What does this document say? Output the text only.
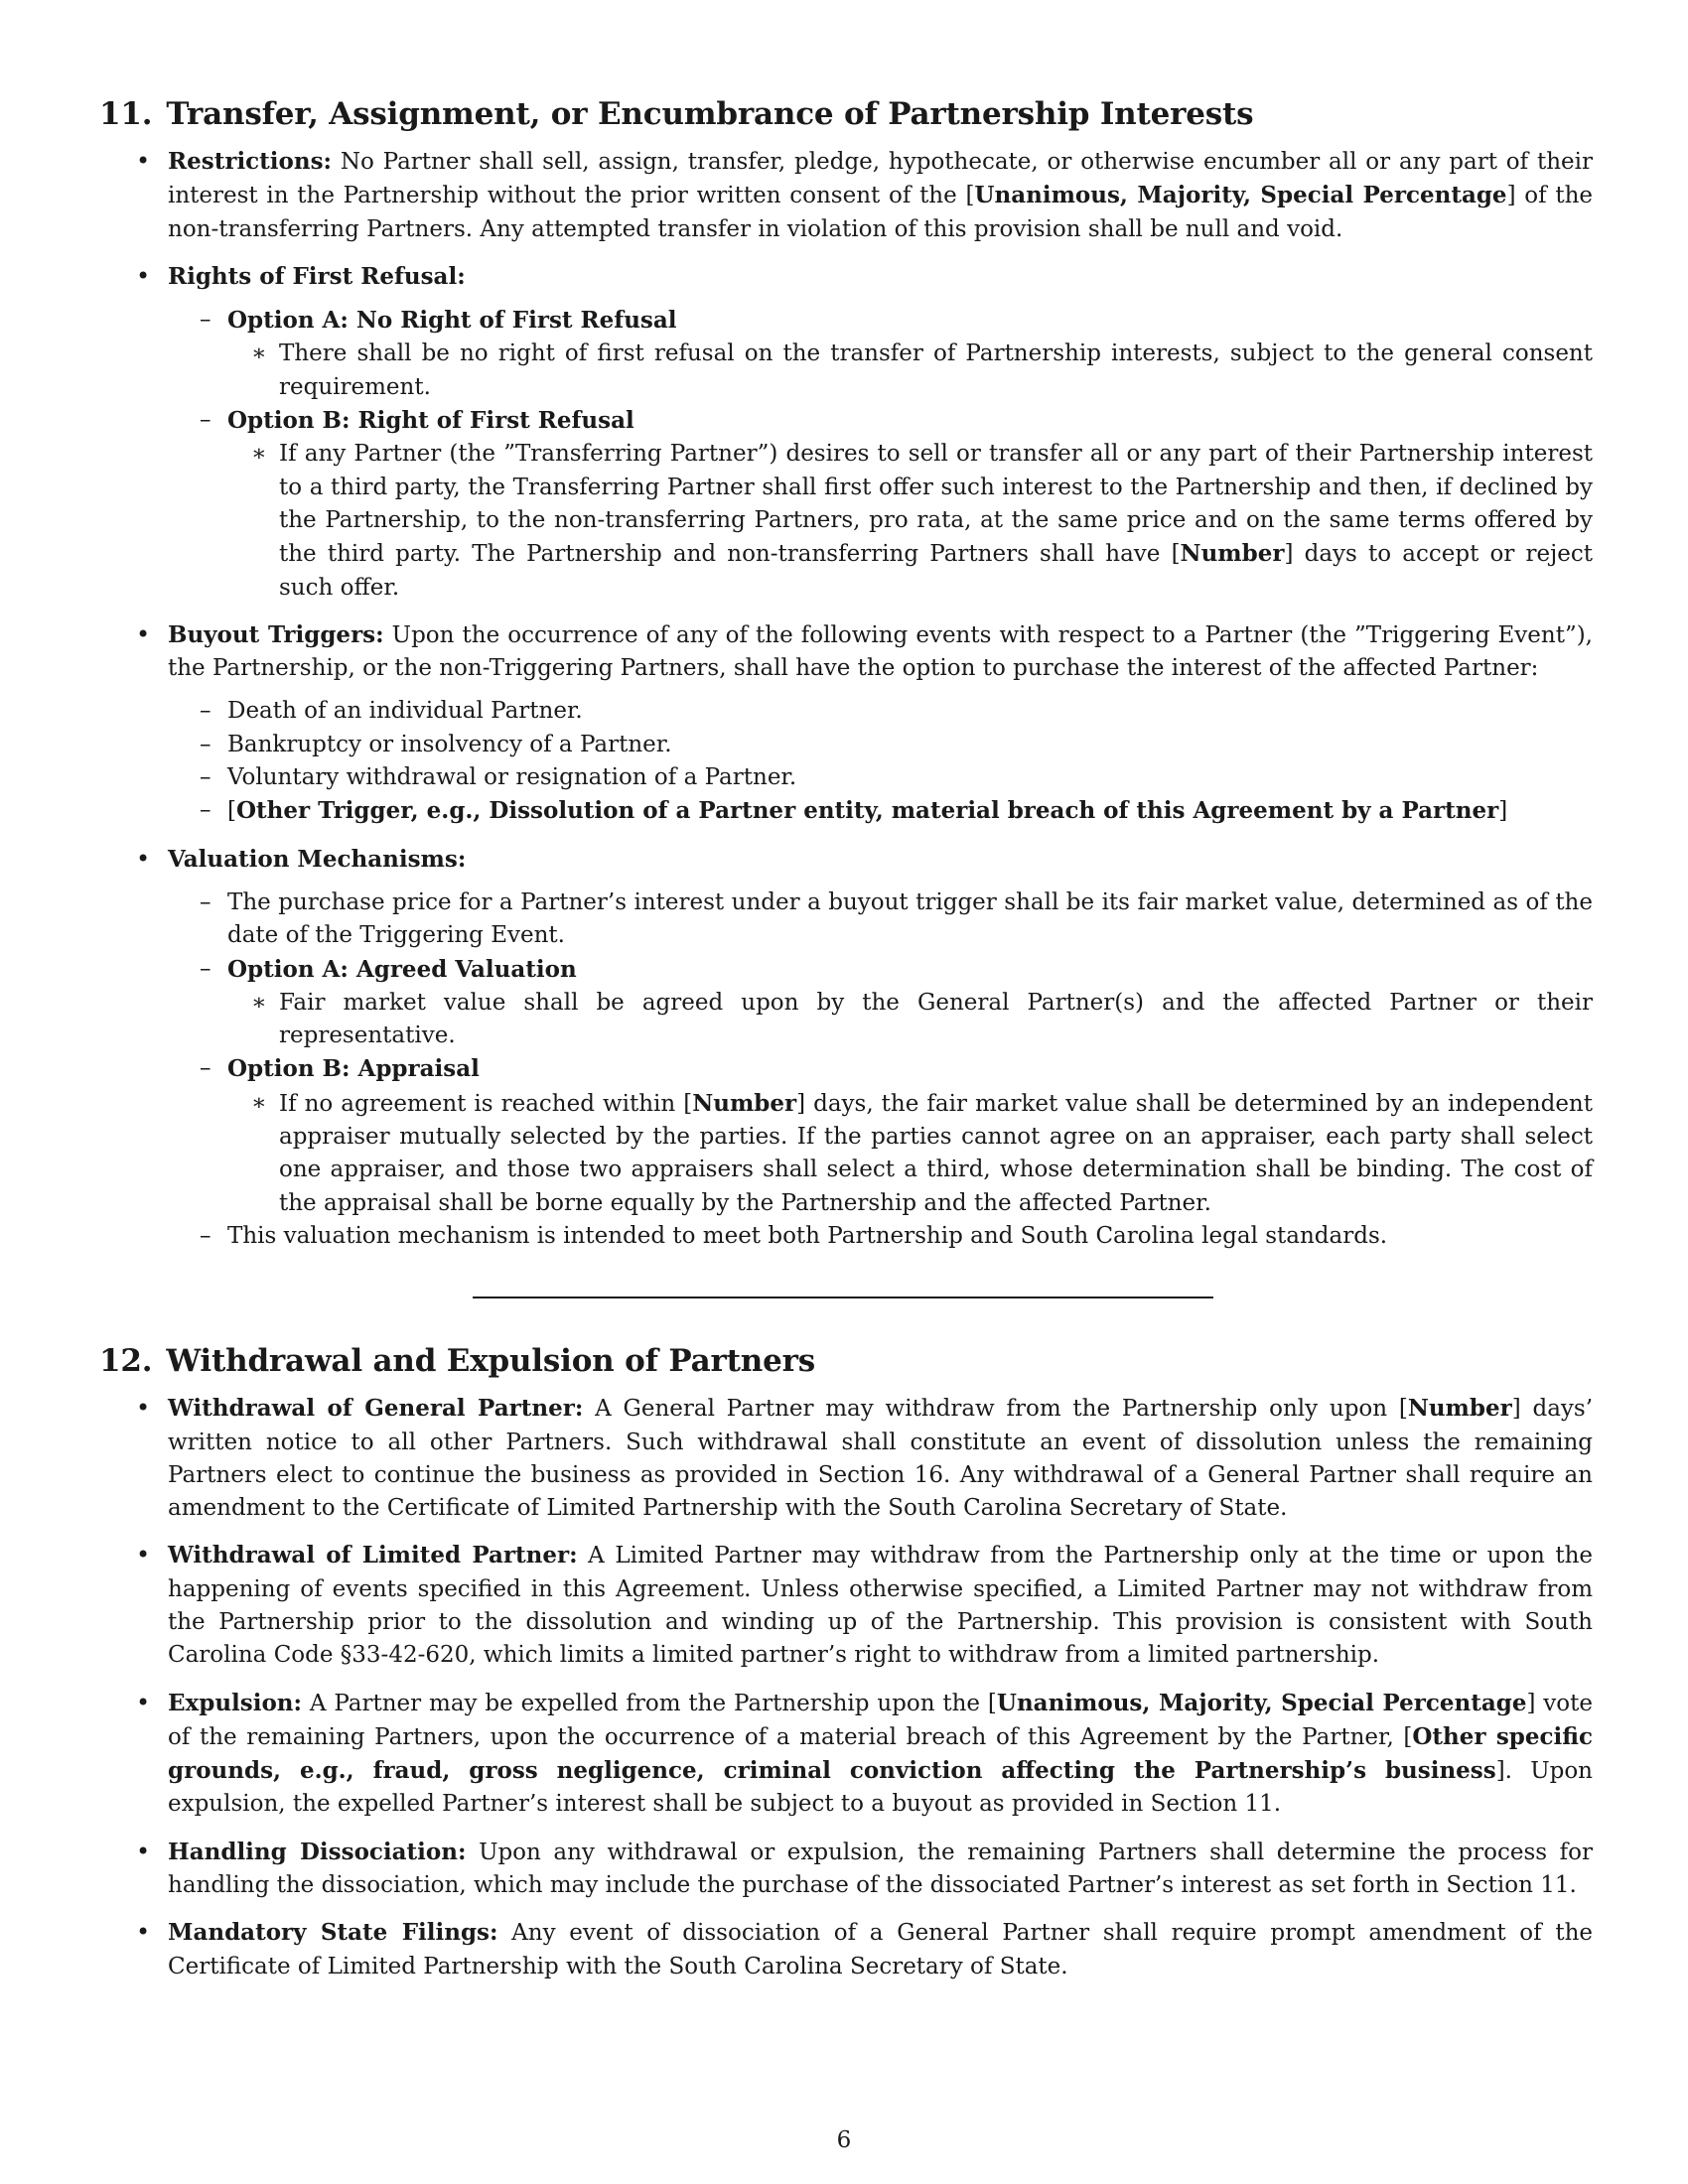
11. Transfer, Assignment, or Encumbrance of Partnership Interests

• Restrictions: No Partner shall sell, assign, transfer, pledge, hypothecate, or otherwise encumber all or any part of their interest in the Partnership without the prior written consent of the [Unanimous, Majority, Special Percentage] of the non-transferring Partners. Any attempted transfer in violation of this provision shall be null and void.

• Rights of First Refusal:

– Option A: No Right of First Refusal

∗ There shall be no right of first refusal on the transfer of Partnership interests, subject to the general consent requirement.

– Option B: Right of First Refusal

∗ If any Partner (the ”Transferring Partner”) desires to sell or transfer all or any part of their Partnership interest to a third party, the Transferring Partner shall first offer such interest to the Partnership and then, if declined by the Partnership, to the non-transferring Partners, pro rata, at the same price and on the same terms offered by the third party. The Partnership and non-transferring Partners shall have [Number] days to accept or reject such offer.

• Buyout Triggers: Upon the occurrence of any of the following events with respect to a Partner (the ”Triggering Event”), the Partnership, or the non-Triggering Partners, shall have the option to purchase the interest of the affected Partner:

– Death of an individual Partner.

– Bankruptcy or insolvency of a Partner.

– Voluntary withdrawal or resignation of a Partner.

– [Other Trigger, e.g., Dissolution of a Partner entity, material breach of this Agreement by a Partner]

• Valuation Mechanisms:

– The purchase price for a Partner’s interest under a buyout trigger shall be its fair market value, determined as of the date of the Triggering Event.

– Option A: Agreed Valuation

∗ Fair market value shall be agreed upon by the General Partner(s) and the affected Partner or their representative.

– Option B: Appraisal

∗ If no agreement is reached within [Number] days, the fair market value shall be determined by an independent appraiser mutually selected by the parties. If the parties cannot agree on an appraiser, each party shall select one appraiser, and those two appraisers shall select a third, whose determination shall be binding. The cost of the appraisal shall be borne equally by the Partnership and the affected Partner.

– This valuation mechanism is intended to meet both Partnership and South Carolina legal standards.

12. Withdrawal and Expulsion of Partners

• Withdrawal of General Partner: A General Partner may withdraw from the Partnership only upon [Number] days’ written notice to all other Partners. Such withdrawal shall constitute an event of dissolution unless the remaining Partners elect to continue the business as provided in Section 16. Any withdrawal of a General Partner shall require an amendment to the Certificate of Limited Partnership with the South Carolina Secretary of State.

• Withdrawal of Limited Partner: A Limited Partner may withdraw from the Partnership only at the time or upon the happening of events specified in this Agreement. Unless otherwise specified, a Limited Partner may not withdraw from the Partnership prior to the dissolution and winding up of the Partnership. This provision is consistent with South Carolina Code §33-42-620, which limits a limited partner’s right to withdraw from a limited partnership.

• Expulsion: A Partner may be expelled from the Partnership upon the [Unanimous, Majority, Special Percentage] vote of the remaining Partners, upon the occurrence of a material breach of this Agreement by the Partner, [Other specific grounds, e.g., fraud, gross negligence, criminal conviction affecting the Partnership’s business]. Upon expulsion, the expelled Partner’s interest shall be subject to a buyout as provided in Section 11.

• Handling Dissociation: Upon any withdrawal or expulsion, the remaining Partners shall determine the process for handling the dissociation, which may include the purchase of the dissociated Partner’s interest as set forth in Section 11.

• Mandatory State Filings: Any event of dissociation of a General Partner shall require prompt amendment of the Certificate of Limited Partnership with the South Carolina Secretary of State.

6
